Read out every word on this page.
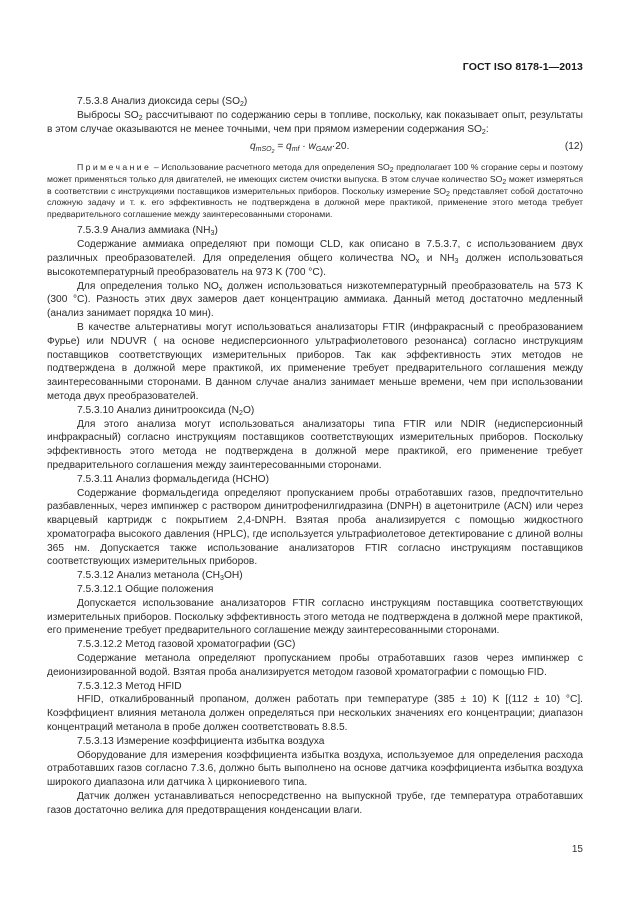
ГОСТ ISO 8178-1—2013

7.5.3.8 Анализ диоксида серы $(SO_2)$

Выбросы $SO_2$ рассчитывают по содержанию серы в топливе, поскольку, как показывает опыт, результаты в этом случае оказываются не менее точными, чем при прямом измерении содержания $SO_2$:

$q_{mSO_2} = q_{mf} \cdot w_{GAM}\cdot 20$.	(12)

Примечание – Использование расчетного метода для определения $SO_2$ предполагает 100 % сгорание серы и поэтому может применяться только для двигателей, не имеющих систем очистки выпуска. В этом случае количество $SO_2$ может измеряться в соответствии с инструкциями поставщиков измерительных приборов. Поскольку измерение $SO_2$ представляет собой достаточно сложную задачу и т. к. его эффективность не подтверждена в должной мере практикой, применение этого метода требует предварительного соглашение между заинтересованными сторонами.

7.5.3.9 Анализ аммиака $(NH_3)$

Содержание аммиака определяют при помощи CLD, как описано в 7.5.3.7, с использованием двух различных преобразователей. Для определения общего количества $NO_x$ и $NH_3$ должен использоваться высокотемпературный преобразователь на 973 K (700 °C).

Для определения только $NO_x$ должен использоваться низкотемпературный преобразователь на 573 K (300 °C). Разность этих двух замеров дает концентрацию аммиака. Данный метод достаточно медленный (анализ занимает порядка 10 мин).

В качестве альтернативы могут использоваться анализаторы FTIR (инфракрасный с преобразованием Фурье) или NDUVR ( на основе недисперсионного ультрафиолетового резонанса) согласно инструкциям поставщиков соответствующих измерительных приборов. Так как эффективность этих методов не подтверждена в должной мере практикой, их применение требует предварительного соглашения между заинтересованными сторонами. В данном случае анализ занимает меньше времени, чем при использовании метода двух преобразователей.

7.5.3.10 Анализ динитрооксида $(N_2O)$

Для этого анализа могут использоваться анализаторы типа FTIR или NDIR (недисперсионный инфракрасный) согласно инструкциям поставщиков соответствующих измерительных приборов. Поскольку эффективность этого метода не подтверждена в должной мере практикой, его применение требует предварительного соглашения между заинтересованными сторонами.

7.5.3.11 Анализ формальдегида (HCHO)

Содержание формальдегида определяют пропусканием пробы отработавших газов, предпочтительно разбавленных, через импинжер с раствором динитрофенилгидразина (DNPH) в ацетонитриле (ACN) или через кварцевый картридж с покрытием 2,4-DNPH. Взятая проба анализируется с помощью жидкостного хроматографа высокого давления (HPLC), где используется ультрафиолетовое детектирование с длиной волны 365 нм. Допускается также использование анализаторов FTIR согласно инструкциям поставщиков соответствующих измерительных приборов.

7.5.3.12 Анализ метанола $(CH_3OH)$

7.5.3.12.1 Общие положения

Допускается использование анализаторов FTIR согласно инструкциям поставщика соответствующих измерительных приборов. Поскольку эффективность этого метода не подтверждена в должной мере практикой, его применение требует предварительного соглашение между заинтересованными сторонами.

7.5.3.12.2 Метод газовой хроматографии (GC)

Содержание метанола определяют пропусканием пробы отработавших газов через импинжер с деионизированной водой. Взятая проба анализируется методом газовой хроматографии с помощью FID.

7.5.3.12.3 Метод HFID

HFID, откалиброванный пропаном, должен работать при температуре (385 ± 10) K [(112 ± 10) °C]. Коэффициент влияния метанола должен определяться при нескольких значениях его концентрации; диапазон концентраций метанола в пробе должен соответствовать 8.8.5.

7.5.3.13 Измерение коэффициента избытка воздуха

Оборудование для измерения коэффициента избытка воздуха, используемое для определения расхода отработавших газов согласно 7.3.6, должно быть выполнено на основе датчика коэффициента избытка воздуха широкого диапазона или датчика λ циркониевого типа.

Датчик должен устанавливаться непосредственно на выпускной трубе, где температура отработавших газов достаточно велика для предотвращения конденсации влаги.

15
